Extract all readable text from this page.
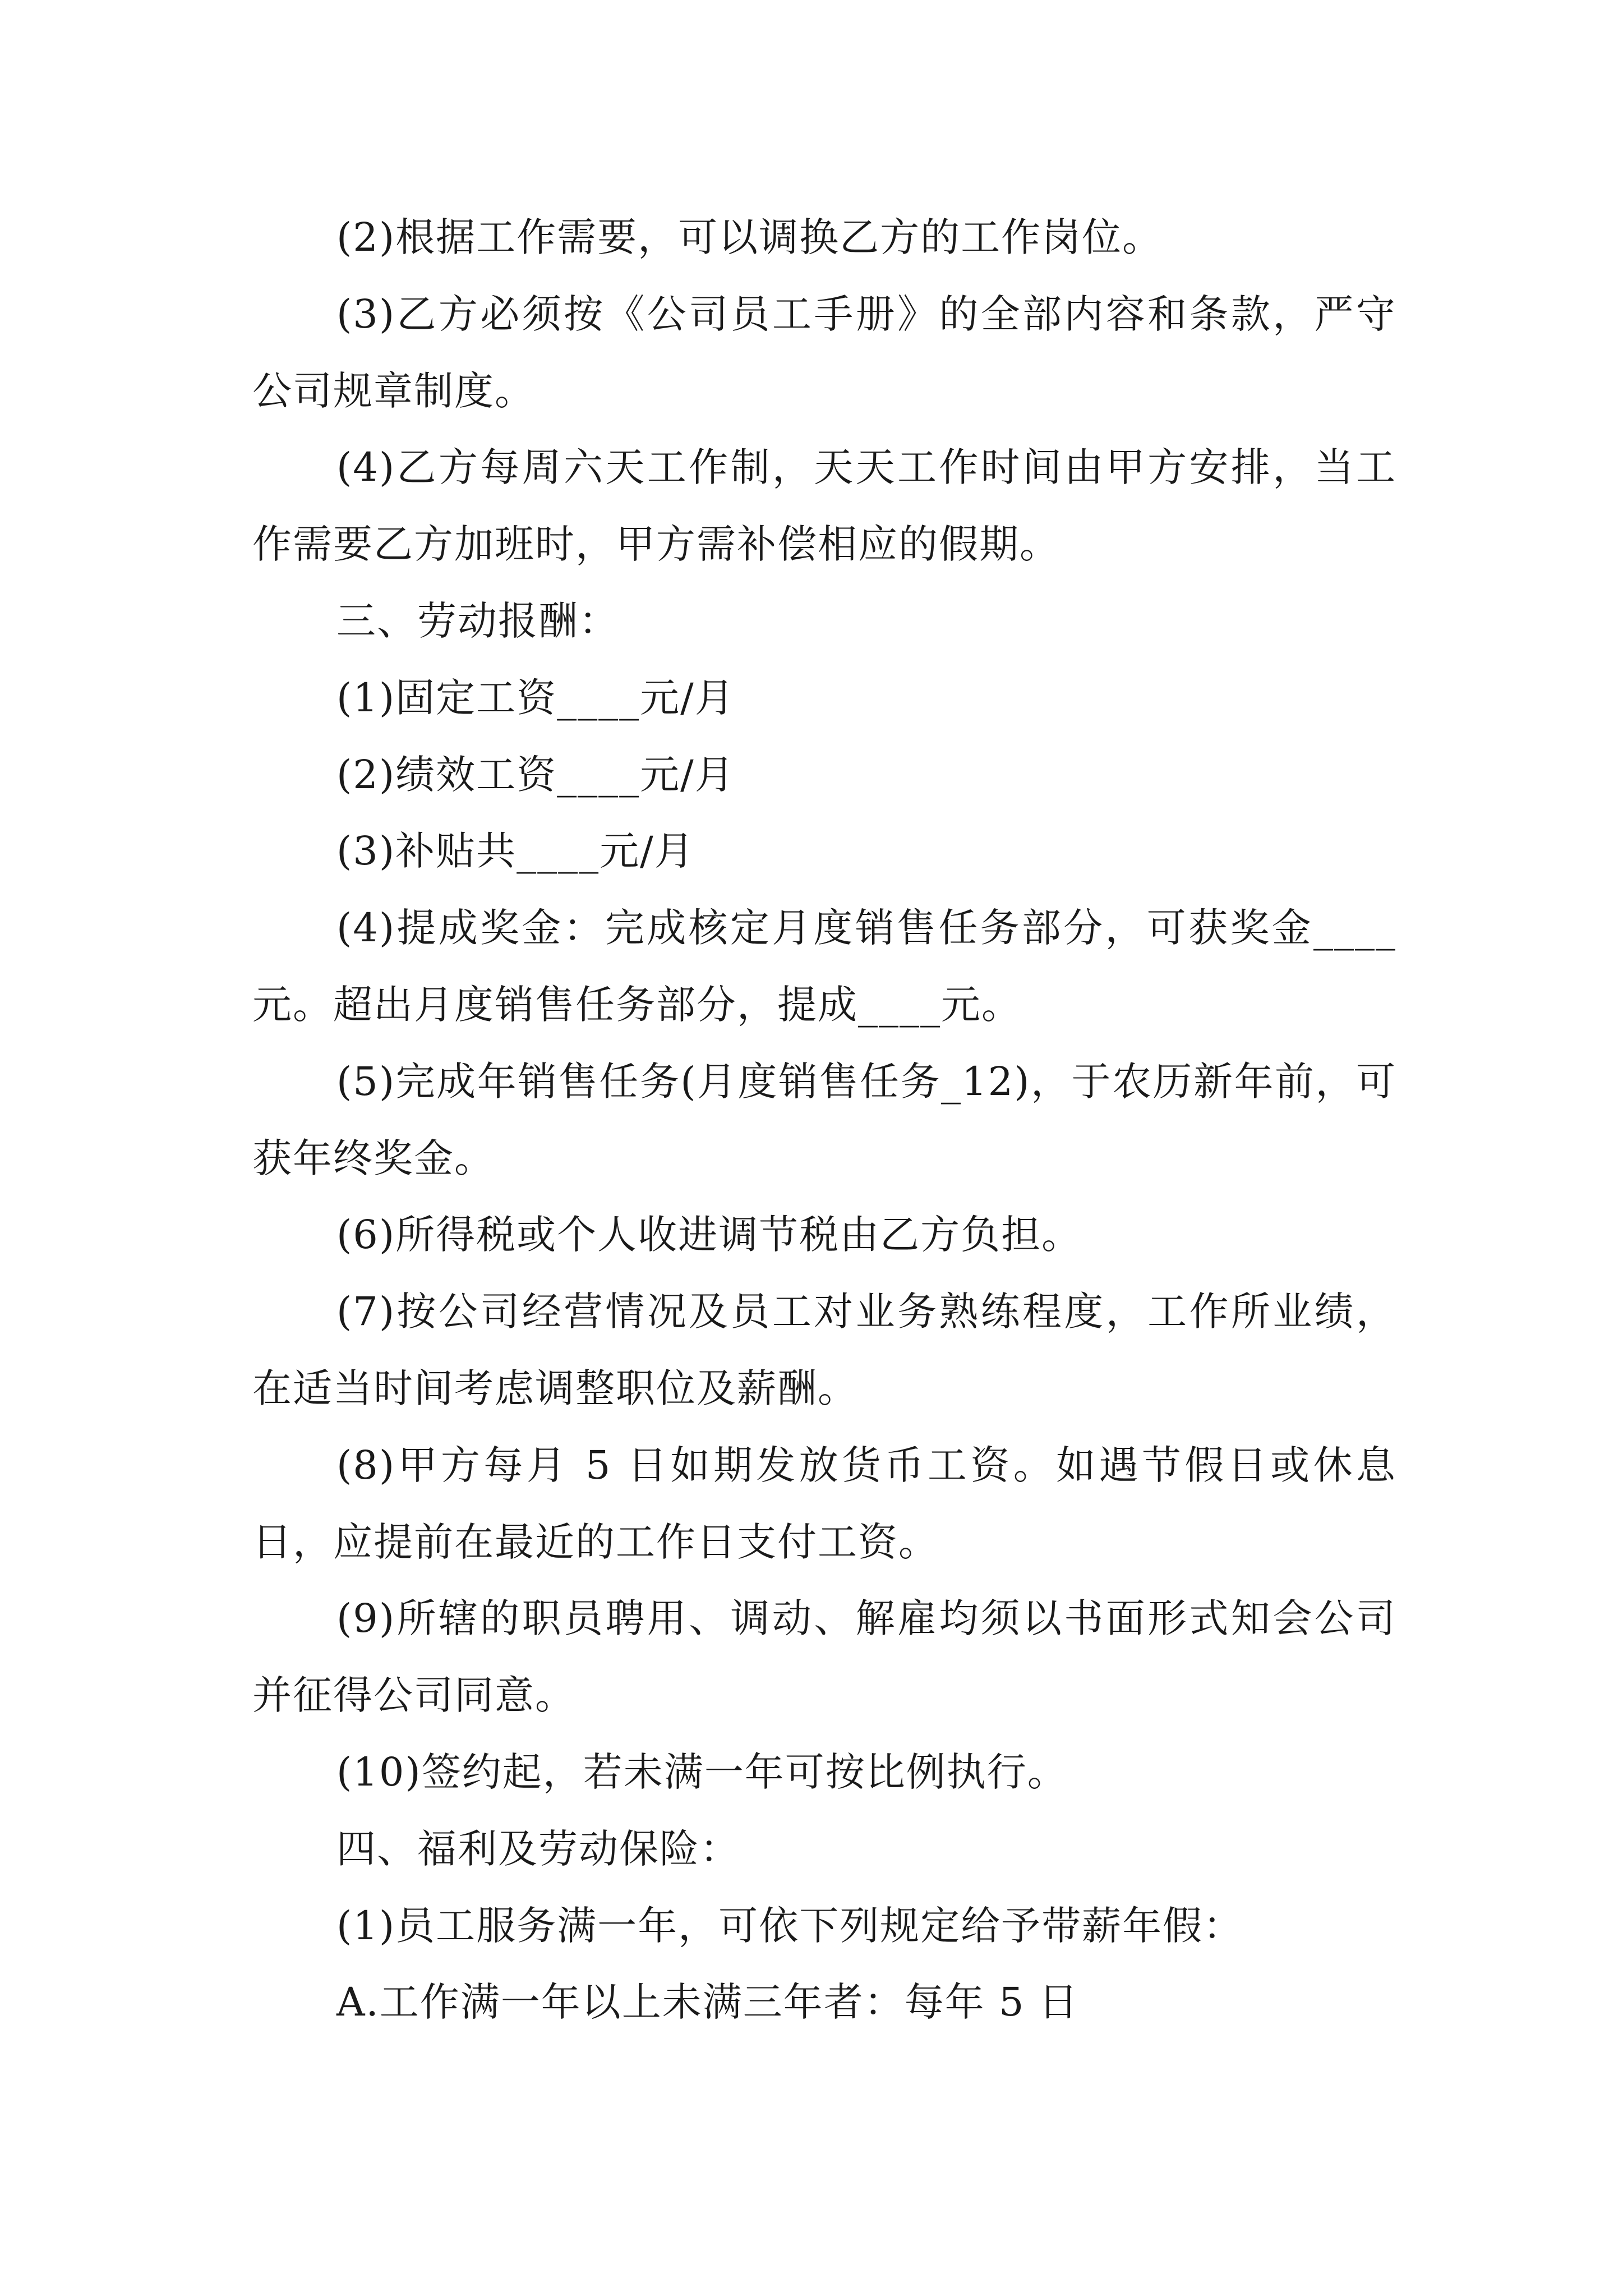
(2)根据工作需要，可以调换乙方的工作岗位。

(3)乙方必须按《公司员工手册》的全部内容和条款，严守公司规章制度。

(4)乙方每周六天工作制，天天工作时间由甲方安排，当工作需要乙方加班时，甲方需补偿相应的假期。

三、劳动报酬：

(1)固定工资____元/月

(2)绩效工资____元/月

(3)补贴共____元/月

(4)提成奖金：完成核定月度销售任务部分，可获奖金____元。超出月度销售任务部分，提成____元。

(5)完成年销售任务(月度销售任务_12)，于农历新年前，可获年终奖金。

(6)所得税或个人收进调节税由乙方负担。

(7)按公司经营情况及员工对业务熟练程度，工作所业绩，在适当时间考虑调整职位及薪酬。

(8)甲方每月 5 日如期发放货币工资。如遇节假日或休息日，应提前在最近的工作日支付工资。

(9)所辖的职员聘用、调动、解雇均须以书面形式知会公司并征得公司同意。

(10)签约起，若未满一年可按比例执行。

四、福利及劳动保险：

(1)员工服务满一年，可依下列规定给予带薪年假：

A.工作满一年以上未满三年者：每年 5 日
